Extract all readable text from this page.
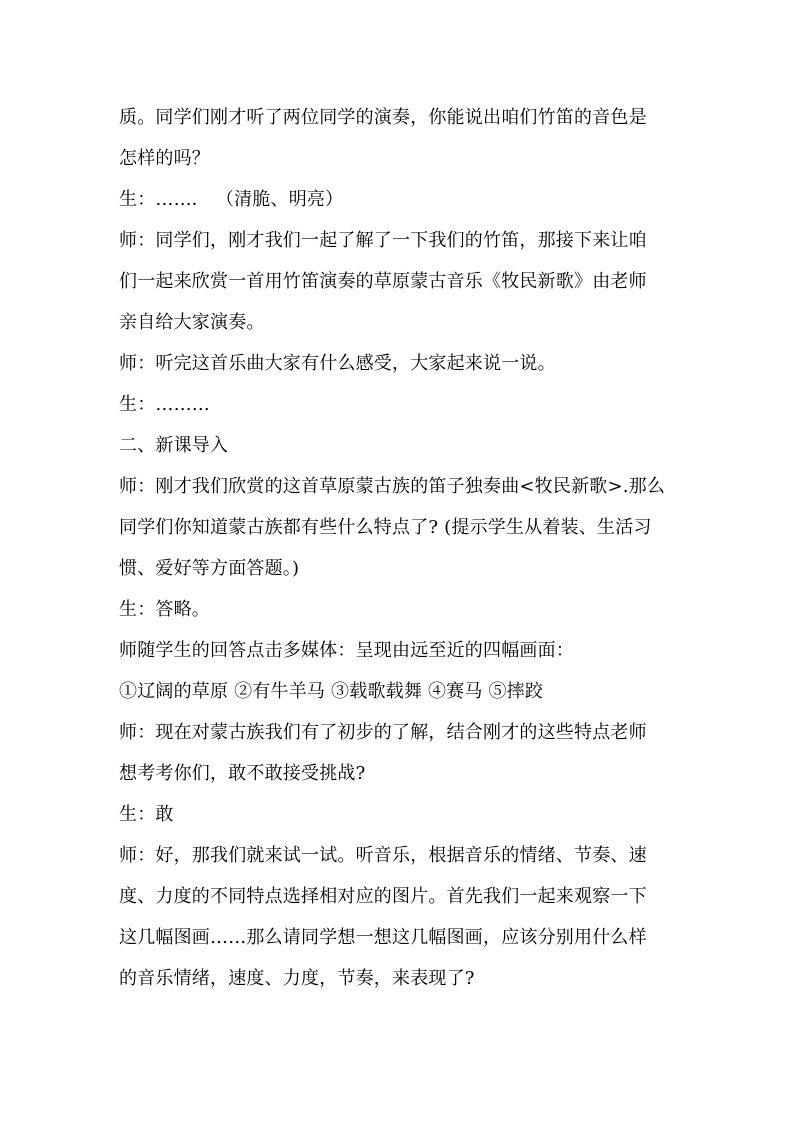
质。同学们刚才听了两位同学的演奏，你能说出咱们竹笛的音色是
怎样的吗？
生：……． （清脆、明亮）
师：同学们，刚才我们一起了解了一下我们的竹笛，那接下来让咱
们一起来欣赏一首用竹笛演奏的草原蒙古音乐《牧民新歌》由老师
亲自给大家演奏。
师：听完这首乐曲大家有什么感受，大家起来说一说。
生：………
二、新课导入
师：刚才我们欣赏的这首草原蒙古族的笛子独奏曲<牧民新歌>.那么
同学们你知道蒙古族都有些什么特点了? (提示学生从着装、生活习
惯、爱好等方面答题。)
生：答略。
师随学生的回答点击多媒体：呈现由远至近的四幅画面：
①辽阔的草原 ②有牛羊马 ③载歌载舞 ④赛马 ⑤摔跤
师：现在对蒙古族我们有了初步的了解，结合刚才的这些特点老师
想考考你们，敢不敢接受挑战?
生：敢
师：好，那我们就来试一试。听音乐，根据音乐的情绪、节奏、速
度、力度的不同特点选择相对应的图片。首先我们一起来观察一下
这几幅图画……那么请同学想一想这几幅图画，应该分别用什么样
的音乐情绪，速度、力度，节奏，来表现了?
